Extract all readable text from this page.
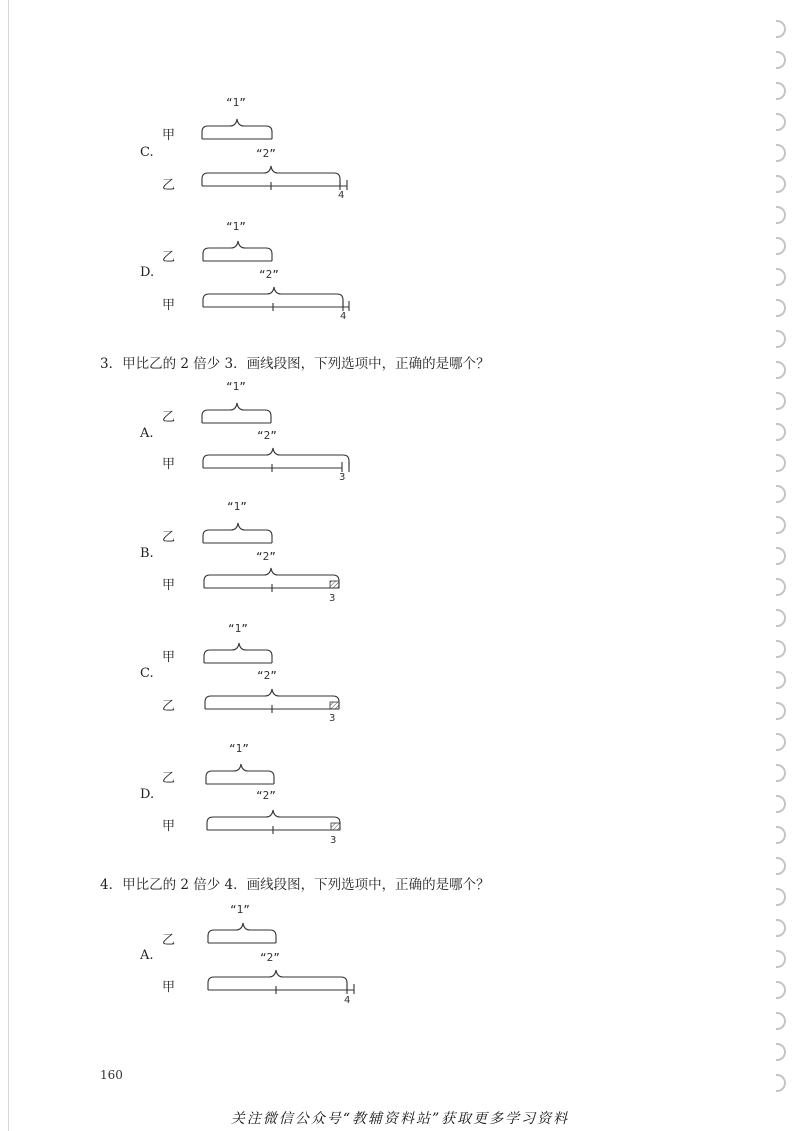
“1”
甲
C.	“2”
乙
4
“1”
乙
D.	“2”
甲
4
3．甲比乙的 2 倍少 3．画线段图，下列选项中，正确的是哪个？
“1”
乙
A.	“2”
甲
3
“1”
乙
B.	“2”
甲
3
“1”
甲
C.	“2”
乙
3
“1”
乙
D.	“2”
甲
3
4．甲比乙的 2 倍少 4．画线段图，下列选项中，正确的是哪个？
“1”
乙
A.	“2”
甲
4
160
关注微信公众号“教辅资料站”获取更多学习资料
